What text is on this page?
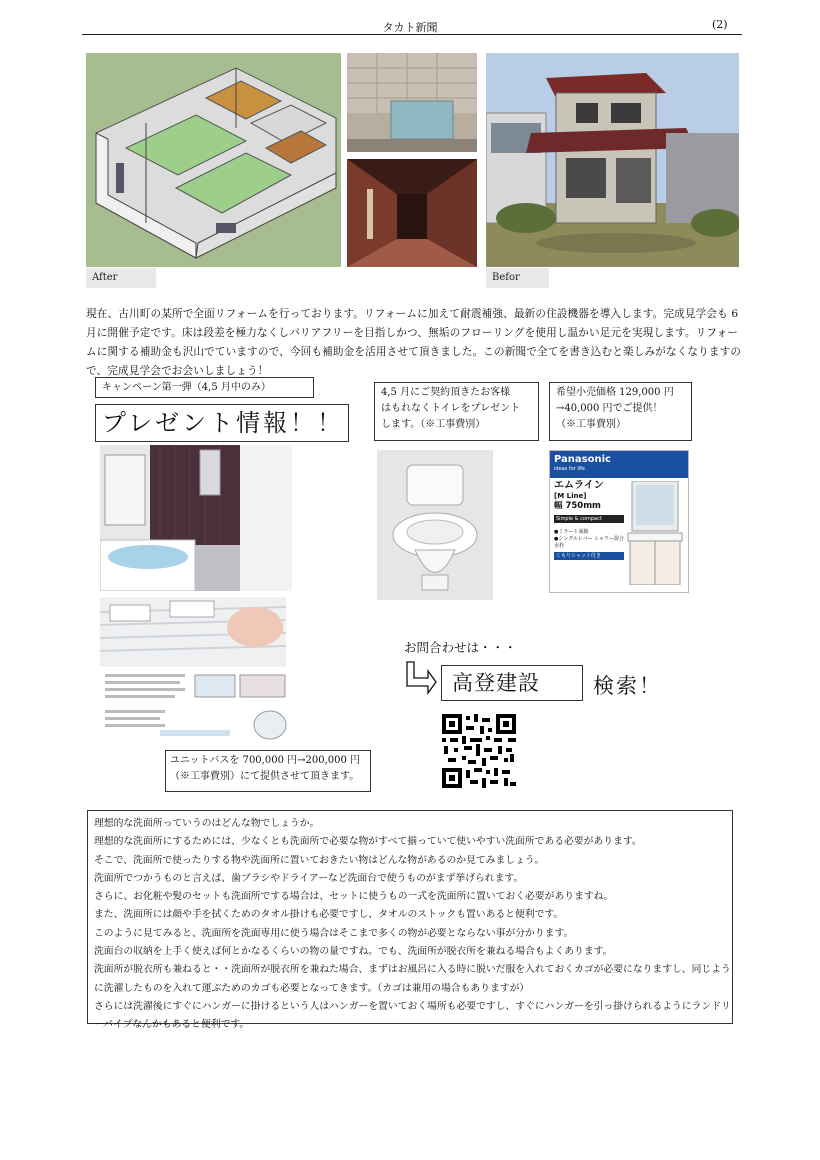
タカト新聞	(2)
After	Befor
現在、古川町の某所で全面リフォームを行っております。リフォームに加えて耐震補強、最新の住設機器を導入します。完成見学会も 6 月に開催予定です。床は段差を極力なくしバリアフリーを目指しかつ、無垢のフローリングを使用し温かい足元を実現します。リフォームに関する補助金も沢山でていますので、今回も補助金を活用させて頂きました。この新聞で全てを書き込むと楽しみがなくなりますので、完成見学会でお会いしましょう！
キャンペーン第一弾（4,5 月中のみ）
プレゼント情報！！
4,5 月にご契約頂きたお客様
はもれなくトイレをプレゼント
します。（※工事費別）
希望小売価格 129,000 円
→40,000 円でご提供！
（※工事費別）
ユニットバスを 700,000 円→200,000 円
（※工事費別）にて提供させて頂きます。
Panasonic
ideas for life
エムライン
[M Line]
幅 750mm
Simple & compact
●ミラー１面鏡
●シングルレバー シャワー混合水栓
くもりシャット付き
お問合わせは・・・
高登建設	検索！

理想的な洗面所っていうのはどんな物でしょうか。

理想的な洗面所にするためには、少なくとも洗面所で必要な物がすべて揃っていて使いやすい洗面所である必要があります。

そこで、洗面所で使ったりする物や洗面所に置いておきたい物はどんな物があるのか見てみましょう。

洗面所でつかうものと言えば、歯ブラシやドライアーなど洗面台で使うものがまず挙げられます。

さらに、お化粧や髪のセットも洗面所でする場合は、セットに使うもの一式を洗面所に置いておく必要がありますね。

また、洗面所には顔や手を拭くためのタオル掛けも必要ですし、タオルのストックも置いあると便利です。

このように見てみると、洗面所を洗面専用に使う場合はそこまで多くの物が必要とならない事が分かります。

洗面台の収納を上手く使えば何とかなるくらいの物の量ですね。でも、洗面所が脱衣所を兼ねる場合もよくあります。

洗面所が脱衣所も兼ねると・・洗面所が脱衣所を兼ねた場合、まずはお風呂に入る時に脱いだ服を入れておくカゴが必要になりますし、同じように洗濯したものを入れて運ぶためのカゴも必要となってきます。（カゴは兼用の場合もありますが）

さらには洗濯後にすぐにハンガーに掛けるという人はハンガーを置いておく場所も必要ですし、すぐにハンガーを引っ掛けられるようにランドリーパイプなんかもあると便利です。
